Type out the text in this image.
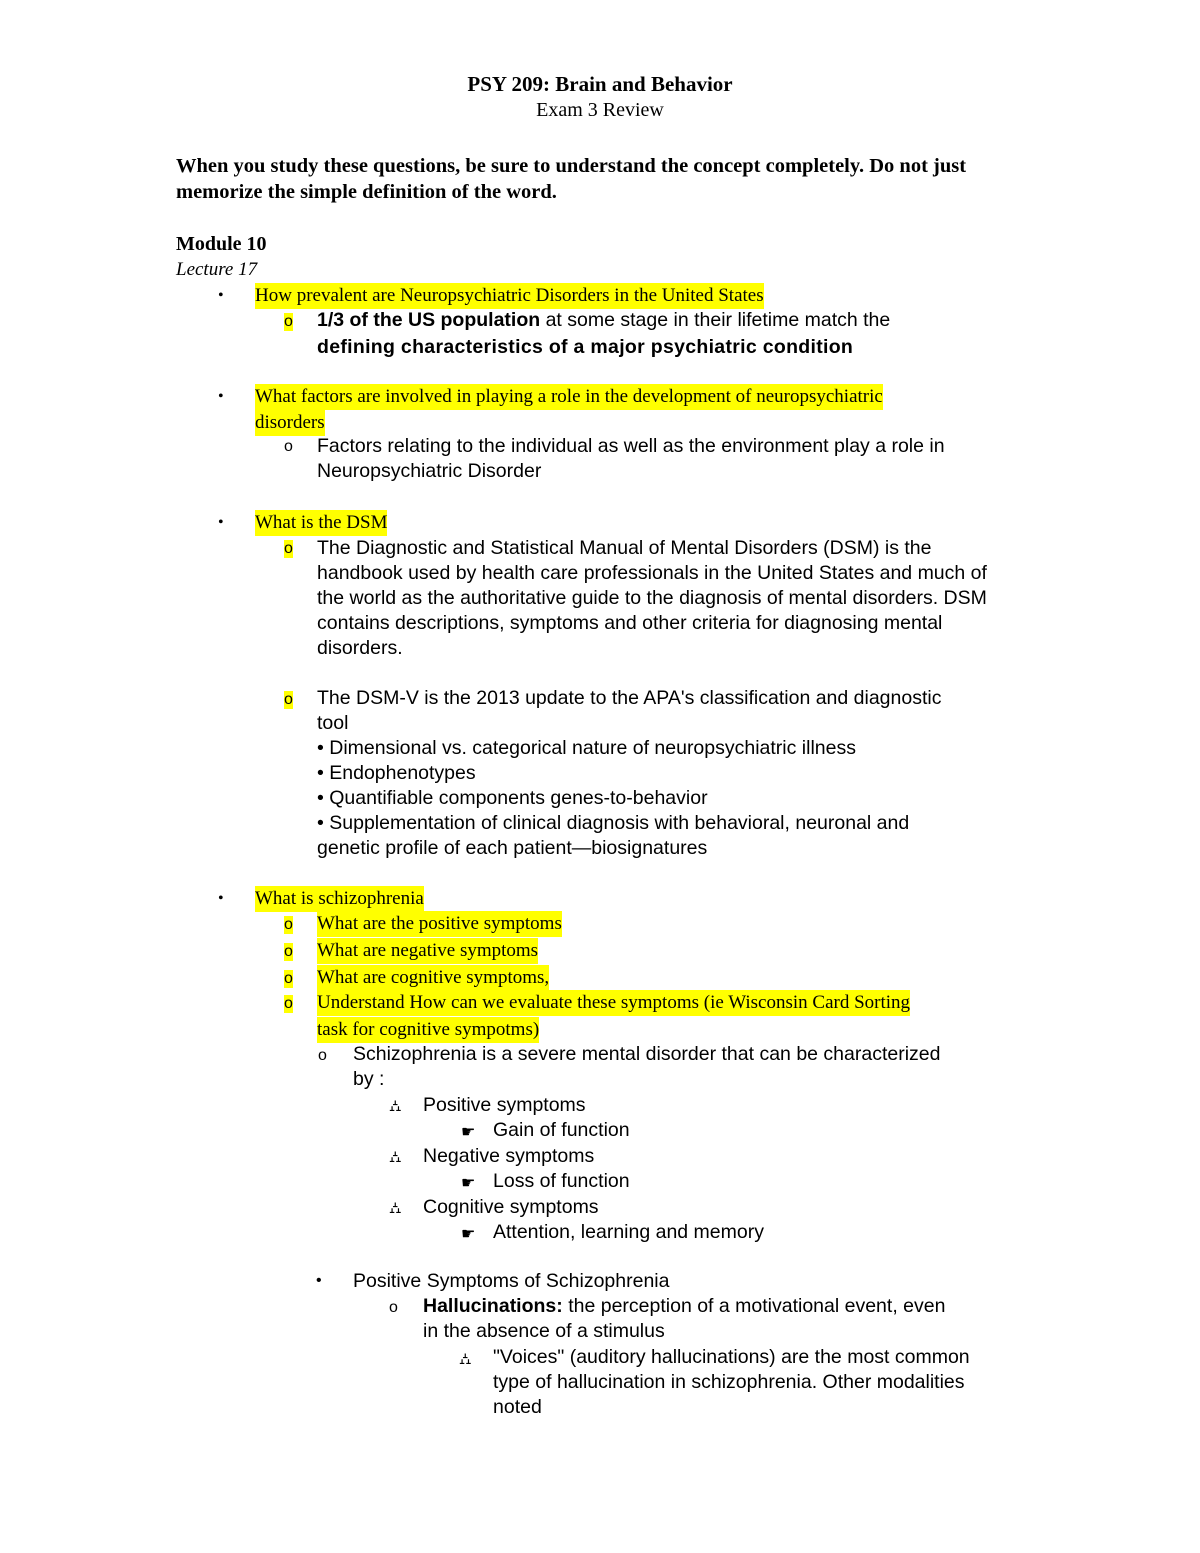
PSY 209: Brain and Behavior
Exam 3 Review
When you study these questions, be sure to understand the concept completely. Do not just memorize the simple definition of the word.
Module 10
Lecture 17
• How prevalent are Neuropsychiatric Disorders in the United States
o 1/3 of the US population at some stage in their lifetime match the
defining characteristics of a major psychiatric condition
• What factors are involved in playing a role in the development of neuropsychiatric
disorders
o Factors relating to the individual as well as the environment play a role in Neuropsychiatric Disorder
• What is the DSM
o The Diagnostic and Statistical Manual of Mental Disorders (DSM) is the handbook used by health care professionals in the United States and much of the world as the authoritative guide to the diagnosis of mental disorders. DSM contains descriptions, symptoms and other criteria for diagnosing mental disorders.
o The DSM-V is the 2013 update to the APA's classification and diagnostic
tool
• Dimensional vs. categorical nature of neuropsychiatric illness
• Endophenotypes
• Quantifiable components genes-to-behavior
• Supplementation of clinical diagnosis with behavioral, neuronal and
genetic profile of each patient—biosignatures
• What is schizophrenia
o What are the positive symptoms
o What are negative symptoms
o What are cognitive symptoms,
o Understand How can we evaluate these symptoms (ie Wisconsin Card Sorting
task for cognitive sympotms)
o Schizophrenia is a severe mental disorder that can be characterized
by :
⛼ Positive symptoms
☛ Gain of function
⛼ Negative symptoms
☛ Loss of function
⛼ Cognitive symptoms
☛ Attention, learning and memory
• Positive Symptoms of Schizophrenia
o Hallucinations: the perception of a motivational event, even
in the absence of a stimulus
⛼ "Voices" (auditory hallucinations) are the most common
type of hallucination in schizophrenia. Other modalities
noted
